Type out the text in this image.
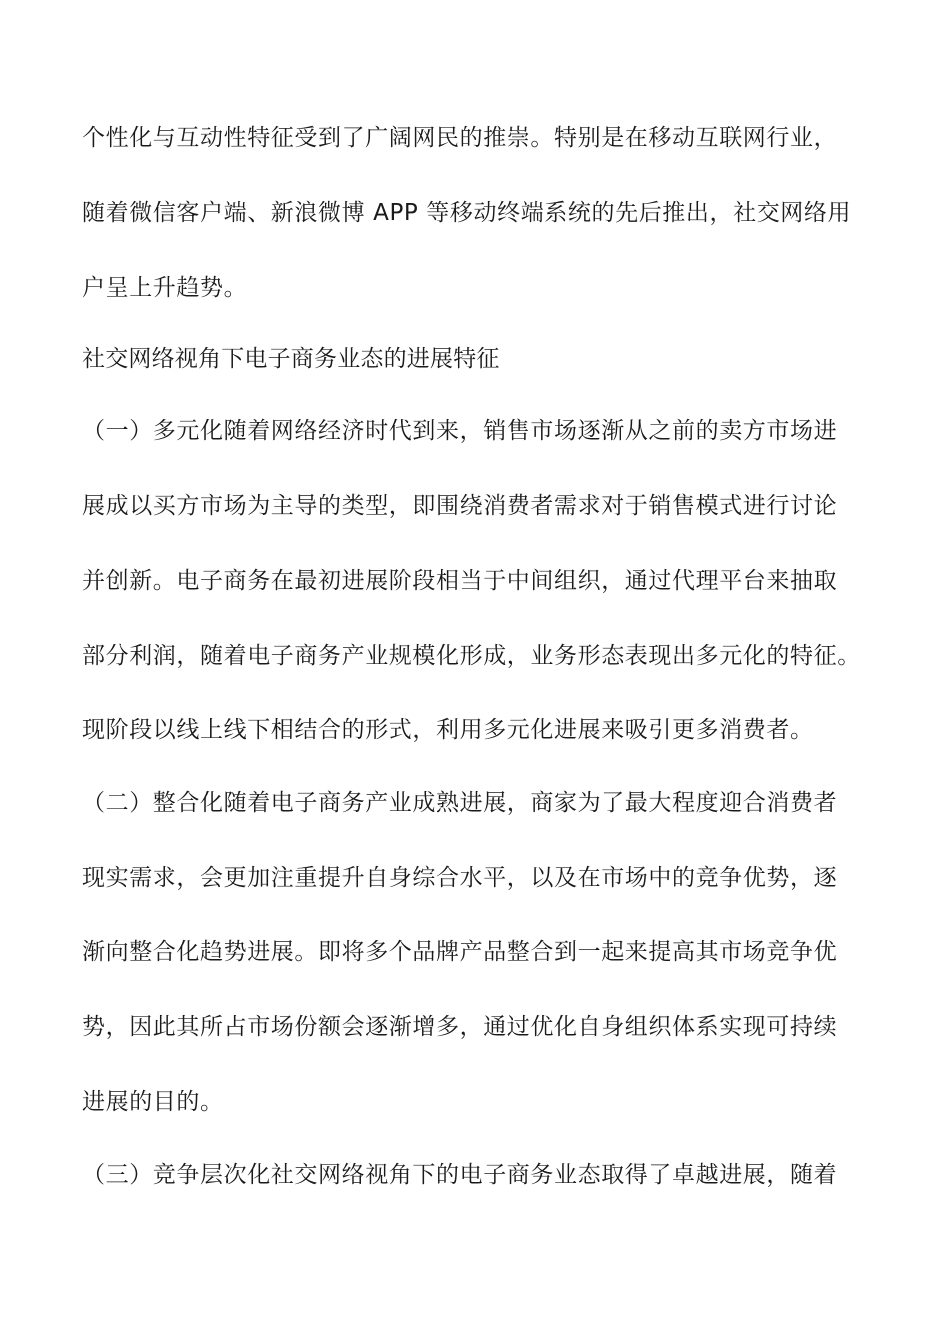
个性化与互动性特征受到了广阔网民的推崇。特别是在移动互联网行业，
随着微信客户端、新浪微博 APP 等移动终端系统的先后推出，社交网络用
户呈上升趋势。
社交网络视角下电子商务业态的进展特征
（一）多元化随着网络经济时代到来，销售市场逐渐从之前的卖方市场进
展成以买方市场为主导的类型，即围绕消费者需求对于销售模式进行讨论
并创新。电子商务在最初进展阶段相当于中间组织，通过代理平台来抽取
部分利润，随着电子商务产业规模化形成，业务形态表现出多元化的特征。
现阶段以线上线下相结合的形式，利用多元化进展来吸引更多消费者。
（二）整合化随着电子商务产业成熟进展，商家为了最大程度迎合消费者
现实需求，会更加注重提升自身综合水平，以及在市场中的竞争优势，逐
渐向整合化趋势进展。即将多个品牌产品整合到一起来提高其市场竞争优
势，因此其所占市场份额会逐渐增多，通过优化自身组织体系实现可持续
进展的目的。
（三）竞争层次化社交网络视角下的电子商务业态取得了卓越进展，随着
